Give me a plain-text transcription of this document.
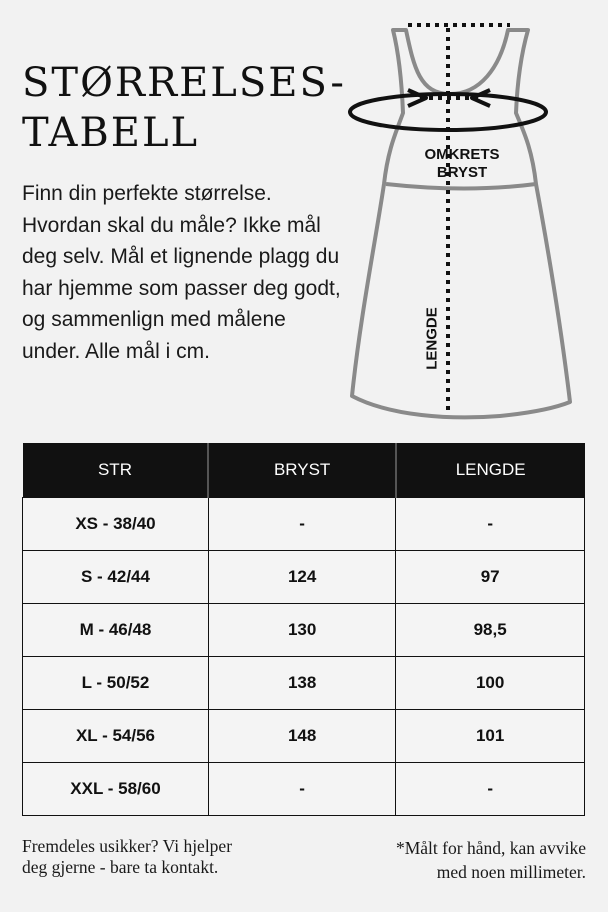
STØRRELSES-
TABELL

Finn din perfekte størrelse. Hvordan skal du måle? Ikke mål deg selv. Mål et lignende plagg du har hjemme som passer deg godt, og sammenlign med målene under. Alle mål i cm.

OMKRETS
BRYST
LENGDE
STR	BRYST	LENGDE
XS - 38/40	-	-
S - 42/44	124	97
M - 46/48	130	98,5
L - 50/52	138	100
XL - 54/56	148	101
XXL - 58/60	-	-

Fremdeles usikker? Vi hjelper
deg gjerne - bare ta kontakt.

*Målt for hånd, kan avvike
med noen millimeter.
